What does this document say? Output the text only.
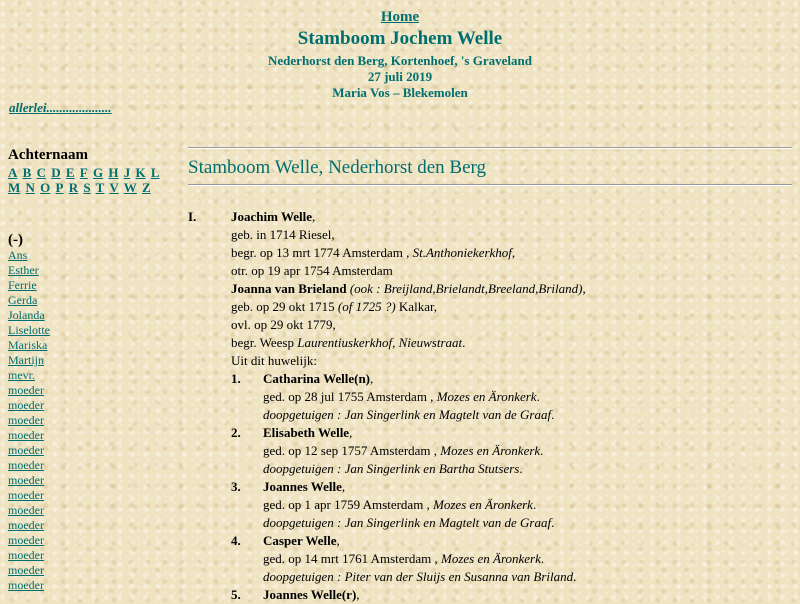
Home
Stamboom Jochem Welle
Nederhorst den Berg, Kortenhoef, 's Graveland
27 juli 2019
Maria Vos – Blekemolen
allerlei....................
Achternaam
A B C D E F G H J K L M N O P R S T V W Z
(-)
Ans
Esther
Ferrie
Gerda
Jolanda
Liselotte
Mariska
Martijn
mevr.
moeder
moeder
moeder
moeder
moeder
moeder
moeder
moeder
moeder
moeder
moeder
moeder
moeder
moeder
Stamboom Welle, Nederhorst den Berg
I.	Joachim Welle,
geb. in 1714 Riesel,
begr. op 13 mrt 1774 Amsterdam , St.Anthoniekerkhof,
otr. op 19 apr 1754 Amsterdam
Joanna van Brieland (ook : Breijland,Brielandt,Breeland,Briland),
geb. op 29 okt 1715 (of 1725 ?) Kalkar,
ovl. op 29 okt 1779,
begr. Weesp Laurentiuskerkhof, Nieuwstraat.
Uit dit huwelijk:
1. Catharina Welle(n),
ged. op 28 jul 1755 Amsterdam , Mozes en Äronkerk.
doopgetuigen : Jan Singerlink en Magtelt van de Graaf.
2. Elisabeth Welle,
ged. op 12 sep 1757 Amsterdam , Mozes en Äronkerk.
doopgetuigen : Jan Singerlink en Bartha Stutsers.
3. Joannes Welle,
ged. op 1 apr 1759 Amsterdam , Mozes en Äronkerk.
doopgetuigen : Jan Singerlink en Magtelt van de Graaf.
4. Casper Welle,
ged. op 14 mrt 1761 Amsterdam , Mozes en Äronkerk.
doopgetuigen : Piter van der Sluijs en Susanna van Briland.
5. Joannes Welle(r),
